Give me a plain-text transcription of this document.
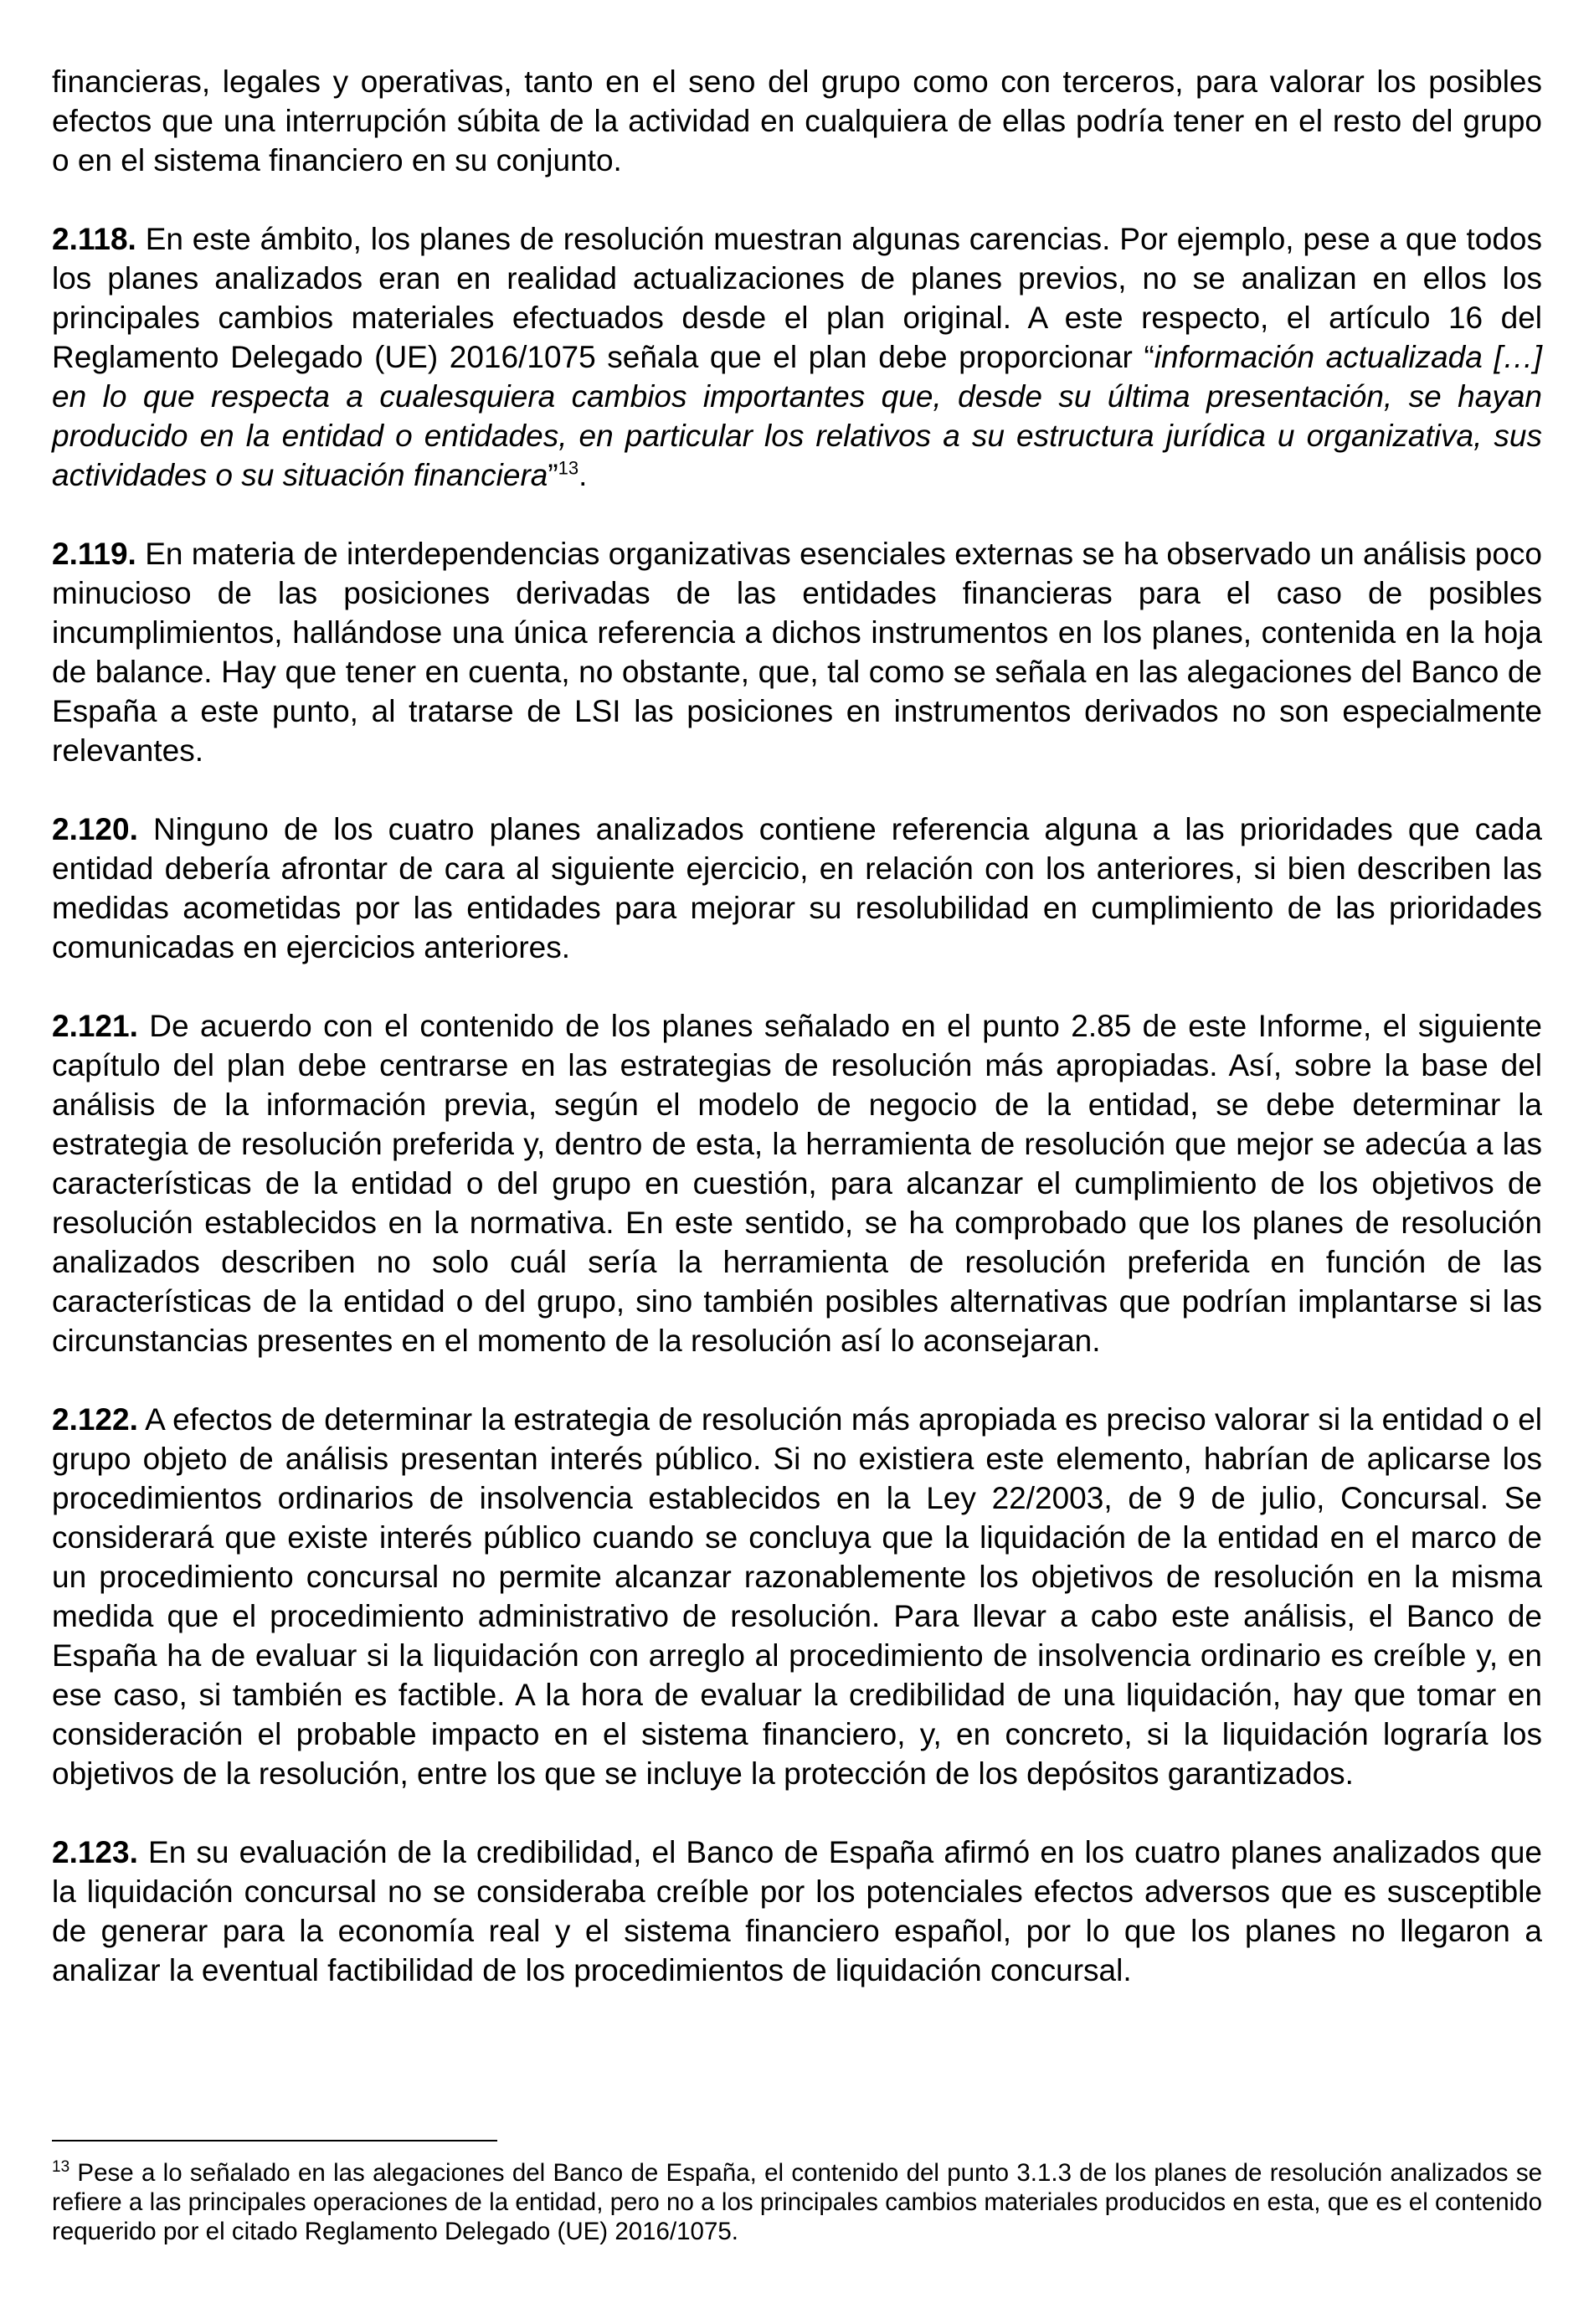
financieras, legales y operativas, tanto en el seno del grupo como con terceros, para valorar los posibles efectos que una interrupción súbita de la actividad en cualquiera de ellas podría tener en el resto del grupo o en el sistema financiero en su conjunto.

2.118. En este ámbito, los planes de resolución muestran algunas carencias. Por ejemplo, pese a que todos los planes analizados eran en realidad actualizaciones de planes previos, no se analizan en ellos los principales cambios materiales efectuados desde el plan original. A este respecto, el artículo 16 del Reglamento Delegado (UE) 2016/1075 señala que el plan debe proporcionar “información actualizada […] en lo que respecta a cualesquiera cambios importantes que, desde su última presentación, se hayan producido en la entidad o entidades, en particular los relativos a su estructura jurídica u organizativa, sus actividades o su situación financiera”$^{13}$.

2.119. En materia de interdependencias organizativas esenciales externas se ha observado un análisis poco minucioso de las posiciones derivadas de las entidades financieras para el caso de posibles incumplimientos, hallándose una única referencia a dichos instrumentos en los planes, contenida en la hoja de balance. Hay que tener en cuenta, no obstante, que, tal como se señala en las alegaciones del Banco de España a este punto, al tratarse de LSI las posiciones en instrumentos derivados no son especialmente relevantes.

2.120. Ninguno de los cuatro planes analizados contiene referencia alguna a las prioridades que cada entidad debería afrontar de cara al siguiente ejercicio, en relación con los anteriores, si bien describen las medidas acometidas por las entidades para mejorar su resolubilidad en cumplimiento de las prioridades comunicadas en ejercicios anteriores.

2.121. De acuerdo con el contenido de los planes señalado en el punto 2.85 de este Informe, el siguiente capítulo del plan debe centrarse en las estrategias de resolución más apropiadas. Así, sobre la base del análisis de la información previa, según el modelo de negocio de la entidad, se debe determinar la estrategia de resolución preferida y, dentro de esta, la herramienta de resolución que mejor se adecúa a las características de la entidad o del grupo en cuestión, para alcanzar el cumplimiento de los objetivos de resolución establecidos en la normativa. En este sentido, se ha comprobado que los planes de resolución analizados describen no solo cuál sería la herramienta de resolución preferida en función de las características de la entidad o del grupo, sino también posibles alternativas que podrían implantarse si las circunstancias presentes en el momento de la resolución así lo aconsejaran.

2.122. A efectos de determinar la estrategia de resolución más apropiada es preciso valorar si la entidad o el grupo objeto de análisis presentan interés público. Si no existiera este elemento, habrían de aplicarse los procedimientos ordinarios de insolvencia establecidos en la Ley 22/2003, de 9 de julio, Concursal. Se considerará que existe interés público cuando se concluya que la liquidación de la entidad en el marco de un procedimiento concursal no permite alcanzar razonablemente los objetivos de resolución en la misma medida que el procedimiento administrativo de resolución. Para llevar a cabo este análisis, el Banco de España ha de evaluar si la liquidación con arreglo al procedimiento de insolvencia ordinario es creíble y, en ese caso, si también es factible. A la hora de evaluar la credibilidad de una liquidación, hay que tomar en consideración el probable impacto en el sistema financiero, y, en concreto, si la liquidación lograría los objetivos de la resolución, entre los que se incluye la protección de los depósitos garantizados.

2.123. En su evaluación de la credibilidad, el Banco de España afirmó en los cuatro planes analizados que la liquidación concursal no se consideraba creíble por los potenciales efectos adversos que es susceptible de generar para la economía real y el sistema financiero español, por lo que los planes no llegaron a analizar la eventual factibilidad de los procedimientos de liquidación concursal.

$^{13}$ Pese a lo señalado en las alegaciones del Banco de España, el contenido del punto 3.1.3 de los planes de resolución analizados se refiere a las principales operaciones de la entidad, pero no a los principales cambios materiales producidos en esta, que es el contenido requerido por el citado Reglamento Delegado (UE) 2016/1075.
